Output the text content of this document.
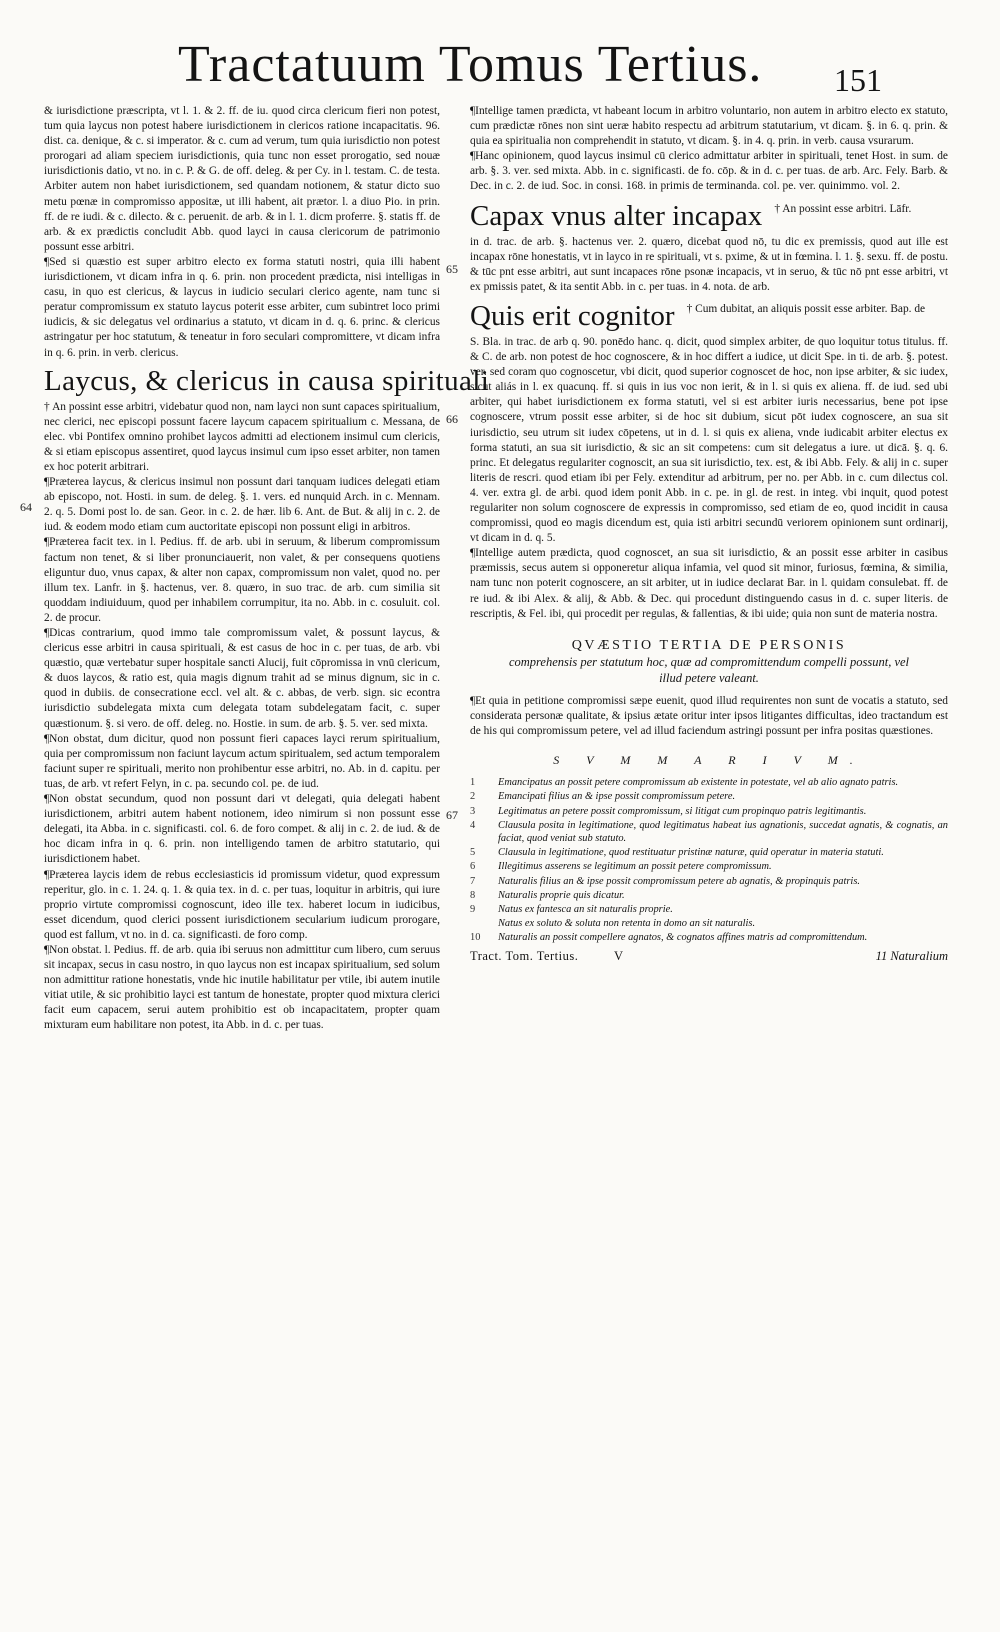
Tractatuum Tomus Tertius. 151
64
65
66
67

& iurisdictione præscripta, vt l. 1. & 2. ff. de iu. quod circa clericum fieri non potest, tum quia laycus non potest habere iurisdictionem in clericos ratione incapacitatis. 96. dist. ca. denique, & c. si imperator. & c. cum ad verum, tum quia iurisdictio non potest prorogari ad aliam speciem iurisdictionis, quia tunc non esset prorogatio, sed nouæ iurisdictionis datio, vt no. in c. P. & G. de off. deleg. & per Cy. in l. testam. C. de testa. Arbiter autem non habet iurisdictionem, sed quandam notionem, & statur dicto suo metu pœnæ in compromisso appositæ, ut illi habent, ait prætor. l. a diuo Pio. in prin. ff. de re iudi. & c. dilecto. & c. peruenit. de arb. & in l. 1. dicm proferre. §. statis ff. de arb. & ex prædictis concludit Abb. quod layci in causa clericorum de patrimonio possunt esse arbitri.

¶Sed si quæstio est super arbitro electo ex forma statuti nostri, quia illi habent iurisdictionem, vt dicam infra in q. 6. prin. non procedent prædicta, nisi intelligas in casu, in quo est clericus, & laycus in iudicio seculari clerico agente, nam tunc si peratur compromissum ex statuto laycus poterit esse arbiter, cum subintret loco primi iudicis, & sic delegatus vel ordinarius a statuto, vt dicam in d. q. 6. princ. & clericus astringatur per hoc statutum, & teneatur in foro seculari compromittere, vt dicam infra in q. 6. prin. in verb. clericus.

Laycus, & clericus in causa spirituali

† An possint esse arbitri, videbatur quod non, nam layci non sunt capaces spiritualium, nec clerici, nec episcopi possunt facere laycum capacem spiritualium c. Messana, de elec. vbi Pontifex omnino prohibet laycos admitti ad electionem insimul cum clericis, & si etiam episcopus assentiret, quod laycus insimul cum ipso esset arbiter, non tamen ex hoc poterit arbitrari.

¶Præterea laycus, & clericus insimul non possunt dari tanquam iudices delegati etiam ab episcopo, not. Hosti. in sum. de deleg. §. 1. vers. ed nunquid Arch. in c. Mennam. 2. q. 5. Domi post lo. de san. Geor. in c. 2. de hær. lib 6. Ant. de But. & alij in c. 2. de iud. & eodem modo etiam cum auctoritate episcopi non possunt eligi in arbitros.

¶Præterea facit tex. in l. Pedius. ff. de arb. ubi in seruum, & liberum compromissum factum non tenet, & si liber pronunciauerit, non valet, & per consequens quotiens eliguntur duo, vnus capax, & alter non capax, compromissum non valet, quod no. per illum tex. Lanfr. in §. hactenus, ver. 8. quæro, in suo trac. de arb. cum similia sit quoddam indiuiduum, quod per inhabilem corrumpitur, ita no. Abb. in c. cosuluit. col. 2. de procur.

¶Dicas contrarium, quod immo tale compromissum valet, & possunt laycus, & clericus esse arbitri in causa spirituali, & est casus de hoc in c. per tuas, de arb. vbi quæstio, quæ vertebatur super hospitale sancti Alucij, fuit cōpromissa in vnū clericum, & duos laycos, & ratio est, quia magis dignum trahit ad se minus dignum, sic in c. quod in dubiis. de consecratione eccl. vel alt. & c. abbas, de verb. sign. sic econtra iurisdictio subdelegata mixta cum delegata totam subdelegatam facit, c. super quæstionum. §. si vero. de off. deleg. no. Hostie. in sum. de arb. §. 5. ver. sed mixta.

¶Non obstat, dum dicitur, quod non possunt fieri capaces layci rerum spiritualium, quia per compromissum non faciunt laycum actum spiritualem, sed actum temporalem faciunt super re spirituali, merito non prohibentur esse arbitri, no. Ab. in d. capitu. per tuas, de arb. vt refert Felyn, in c. pa. secundo col. pe. de iud.

¶Non obstat secundum, quod non possunt dari vt delegati, quia delegati habent iurisdictionem, arbitri autem habent notionem, ideo nimirum si non possunt esse delegati, ita Abba. in c. significasti. col. 6. de foro compet. & alij in c. 2. de iud. & de hoc dicam infra in q. 6. prin. non intelligendo tamen de arbitro statutario, qui iurisdictionem habet.

¶Præterea laycis idem de rebus ecclesiasticis id promissum videtur, quod expressum reperitur, glo. in c. 1. 24. q. 1. & quia tex. in d. c. per tuas, loquitur in arbitris, qui iure proprio virtute compromissi cognoscunt, ideo ille tex. haberet locum in iudicibus, esset dicendum, quod clerici possent iurisdictionem secularium iudicum prorogare, quod est fallum, vt no. in d. ca. significasti. de foro comp.

¶Non obstat. l. Pedius. ff. de arb. quia ibi seruus non admittitur cum libero, cum seruus sit incapax, secus in casu nostro, in quo laycus non est incapax spiritualium, sed solum non admittitur ratione honestatis, vnde hic inutile habilitatur per vtile, ibi autem inutile vitiat utile, & sic prohibitio layci est tantum de honestate, propter quod mixtura clerici facit eum capacem, serui autem prohibitio est ob incapacitatem, propter quam mixturam eum habilitare non potest, ita Abb. in d. c. per tuas.

¶Intellige tamen prædicta, vt habeant locum in arbitro voluntario, non autem in arbitro electo ex statuto, cum prædictæ rōnes non sint ueræ habito respectu ad arbitrum statutarium, vt dicam. §. in 6. q. prin. & quia ea spiritualia non comprehendit in statuto, vt dicam. §. in 4. q. prin. in verb. causa vsurarum.

¶Hanc opinionem, quod laycus insimul cū clerico admittatur arbiter in spirituali, tenet Host. in sum. de arb. §. 3. ver. sed mixta. Abb. in c. significasti. de fo. cōp. & in d. c. per tuas. de arb. Arc. Fely. Barb. & Dec. in c. 2. de iud. Soc. in consi. 168. in primis de terminanda. col. pe. ver. quinimmo. vol. 2.

Capax vnus alter incapax † An possint esse arbitri. Lāfr.

in d. trac. de arb. §. hactenus ver. 2. quæro, dicebat quod nō, tu dic ex premissis, quod aut ille est incapax rōne honestatis, vt in layco in re spirituali, vt s. pxime, & ut in fœmina. l. 1. §. sexu. ff. de postu. & tūc pnt esse arbitri, aut sunt incapaces rōne psonæ incapacis, vt in seruo, & tūc nō pnt esse arbitri, vt ex pmissis patet, & ita sentit Abb. in c. per tuas. in 4. nota. de arb.

Quis erit cognitor † Cum dubitat, an aliquis possit esse arbiter. Bap. de

S. Bla. in trac. de arb q. 90. ponēdo hanc. q. dicit, quod simplex arbiter, de quo loquitur totus titulus. ff. & C. de arb. non potest de hoc cognoscere, & in hoc differt a iudice, ut dicit Spe. in ti. de arb. §. potest. ver. sed coram quo cognoscetur, vbi dicit, quod superior cognoscet de hoc, non ipse arbiter, & sic iudex, sicut aliás in l. ex quacunq. ff. si quis in ius voc non ierit, & in l. si quis ex aliena. ff. de iud. sed ubi arbiter, qui habet iurisdictionem ex forma statuti, vel si est arbiter iuris necessarius, bene pot ipse cognoscere, vtrum possit esse arbiter, si de hoc sit dubium, sicut pōt iudex cognoscere, an sua sit iurisdictio, seu utrum sit iudex cōpetens, ut in d. l. si quis ex aliena, vnde iudicabit arbiter electus ex forma statuti, an sua sit iurisdictio, & sic an sit competens: cum sit delegatus a iure. ut dicā. §. q. 6. princ. Et delegatus regulariter cognoscit, an sua sit iurisdictio, tex. est, & ibi Abb. Fely. & alij in c. super literis de rescri. quod etiam ibi per Fely. extenditur ad arbitrum, per no. per Abb. in c. cum dilectus col. 4. ver. extra gl. de arbi. quod idem ponit Abb. in c. pe. in gl. de rest. in integ. vbi inquit, quod potest regulariter non solum cognoscere de expressis in compromisso, sed etiam de eo, quod incidit in causa compromissi, quod eo magis dicendum est, quia isti arbitri secundū veriorem opinionem sunt ordinarij, vt dicam in d. q. 5.

¶Intellige autem prædicta, quod cognoscet, an sua sit iurisdictio, & an possit esse arbiter in casibus præmissis, secus autem si opponeretur aliqua infamia, vel quod sit minor, furiosus, fœmina, & similia, nam tunc non poterit cognoscere, an sit arbiter, ut in iudice declarat Bar. in l. quidam consulebat. ff. de re iud. & ibi Alex. & alij, & Abb. & Dec. qui procedunt distinguendo casus in d. c. super literis. de rescriptis, & Fel. ibi, qui procedit per regulas, & fallentias, & ibi uide; quia non sunt de materia nostra.

QVÆSTIO TERTIA DE PERSONIS
comprehensis per statutum hoc, quæ ad compromittendum compelli possunt, vel
illud petere valeant.

¶Et quia in petitione compromissi sæpe euenit, quod illud requirentes non sunt de vocatis a statuto, sed considerata personæ qualitate, & ipsius ætate oritur inter ipsos litigantes difficultas, ideo tractandum est de his qui compromissum petere, vel ad illud faciendum astringi possunt per infra positas quæstiones.

S V M M A R I V M.
1	Emancipatus an possit petere compromissum ab existente in potestate, vel ab alio agnato patris.
2	Emancipati filius an & ipse possit compromissum petere.
3	Legitimatus an petere possit compromissum, si litigat cum propinquo patris legitimantis.
4	Clausula posita in legitimatione, quod legitimatus habeat ius agnationis, succedat agnatis, & cognatis, an faciat, quod veniat sub statuto.
5	Clausula in legitimatione, quod restituatur pristinæ naturæ, quid operatur in materia statuti.
6	Illegitimus asserens se legitimum an possit petere compromissum.
7	Naturalis filius an & ipse possit compromissum petere ab agnatis, & propinquis patris.
8	Naturalis proprie quis dicatur.
9	Natus ex fantesca an sit naturalis proprie.
Natus ex soluto & soluta non retenta in domo an sit naturalis.
10	Naturalis an possit compellere agnatos, & cognatos affines matris ad compromittendum.
Tract. Tom. Tertius.	V	11 Naturalium
